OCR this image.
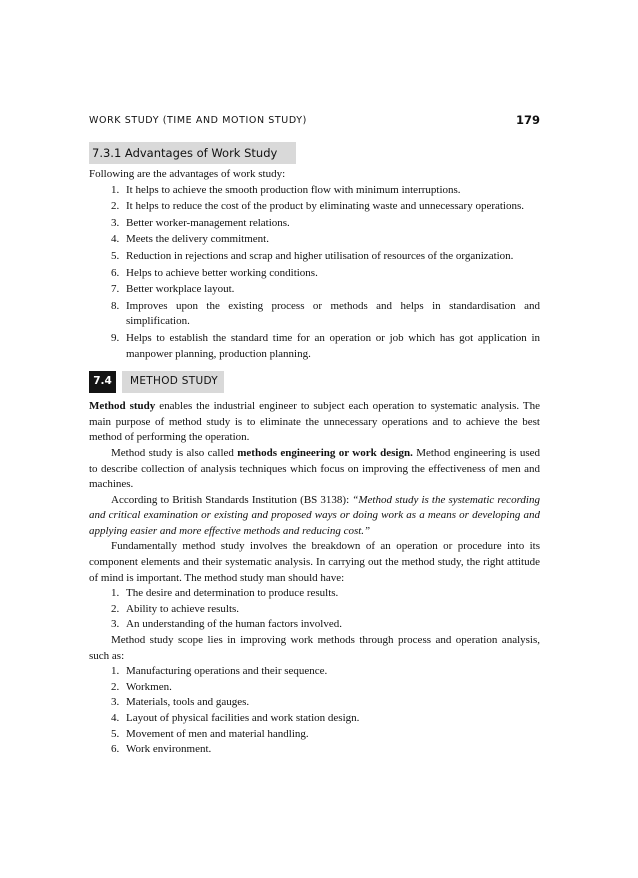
WORK STUDY (TIME AND MOTION STUDY)	179
7.3.1 Advantages of Work Study

Following are the advantages of work study:

1. It helps to achieve the smooth production flow with minimum interruptions.
2. It helps to reduce the cost of the product by eliminating waste and unnecessary operations.
3. Better worker-management relations.
4. Meets the delivery commitment.
5. Reduction in rejections and scrap and higher utilisation of resources of the organization.
6. Helps to achieve better working conditions.
7. Better workplace layout.
8. Improves upon the existing process or methods and helps in standardisation and simplification.
9. Helps to establish the standard time for an operation or job which has got application in manpower planning, production planning.
7.4	METHOD STUDY

Method study enables the industrial engineer to subject each operation to systematic analysis. The main purpose of method study is to eliminate the unnecessary operations and to achieve the best method of performing the operation.

Method study is also called methods engineering or work design. Method engineering is used to describe collection of analysis techniques which focus on improving the effectiveness of men and machines.

According to British Standards Institution (BS 3138): “Method study is the systematic recording and critical examination or existing and proposed ways or doing work as a means or developing and applying easier and more effective methods and reducing cost.”

Fundamentally method study involves the breakdown of an operation or procedure into its component elements and their systematic analysis. In carrying out the method study, the right attitude of mind is important. The method study man should have:

1. The desire and determination to produce results.
2. Ability to achieve results.
3. An understanding of the human factors involved.

Method study scope lies in improving work methods through process and operation analysis, such as:

1. Manufacturing operations and their sequence.
2. Workmen.
3. Materials, tools and gauges.
4. Layout of physical facilities and work station design.
5. Movement of men and material handling.
6. Work environment.
